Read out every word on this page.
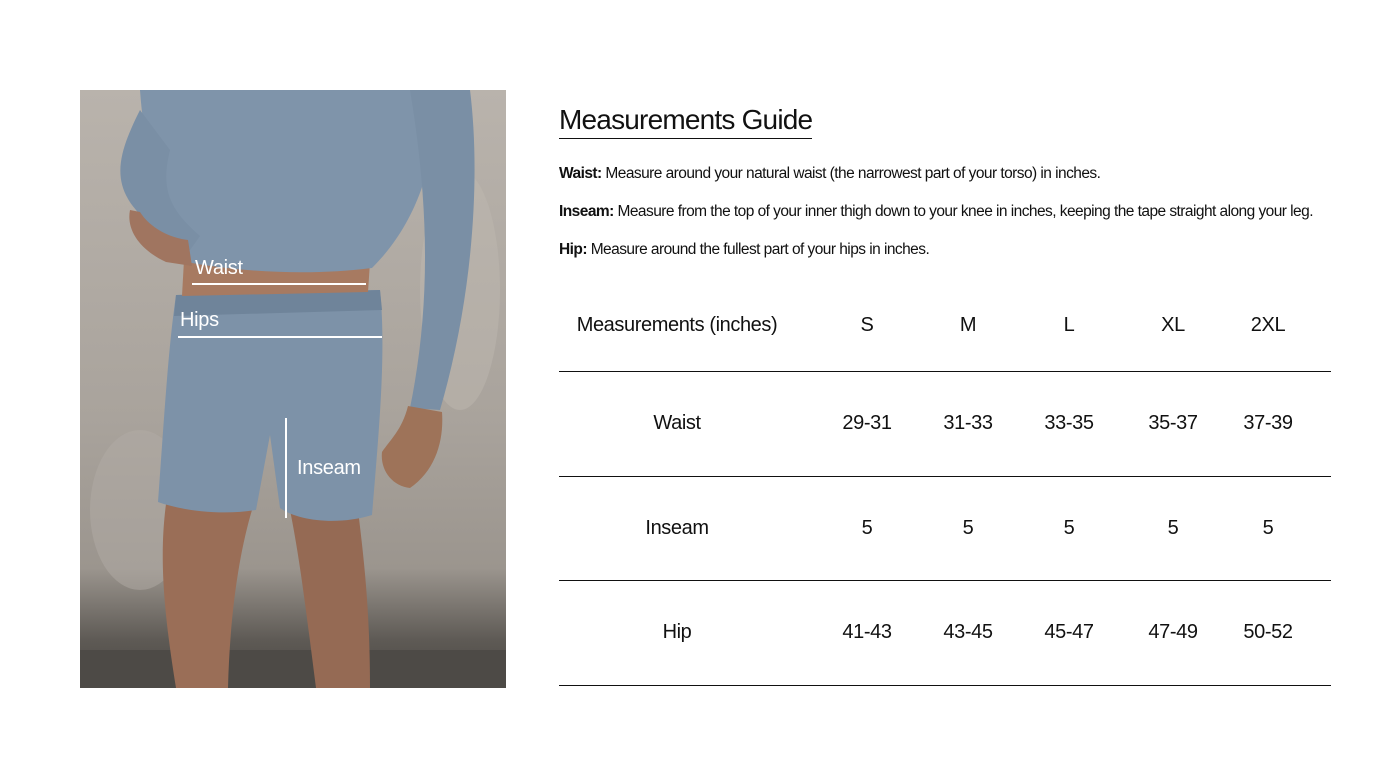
Waist
Hips
Inseam
Measurements Guide
Waist: Measure around your natural waist (the narrowest part of your torso) in inches.
Inseam: Measure from the top of your inner thigh down to your knee in inches, keeping the tape straight along your leg.
Hip: Measure around the fullest part of your hips in inches.
Measurements (inches)	S	M	L	XL	2XL
Waist	29-31	31-33	33-35	35-37	37-39
Inseam	5	5	5	5	5
Hip	41-43	43-45	45-47	47-49	50-52
